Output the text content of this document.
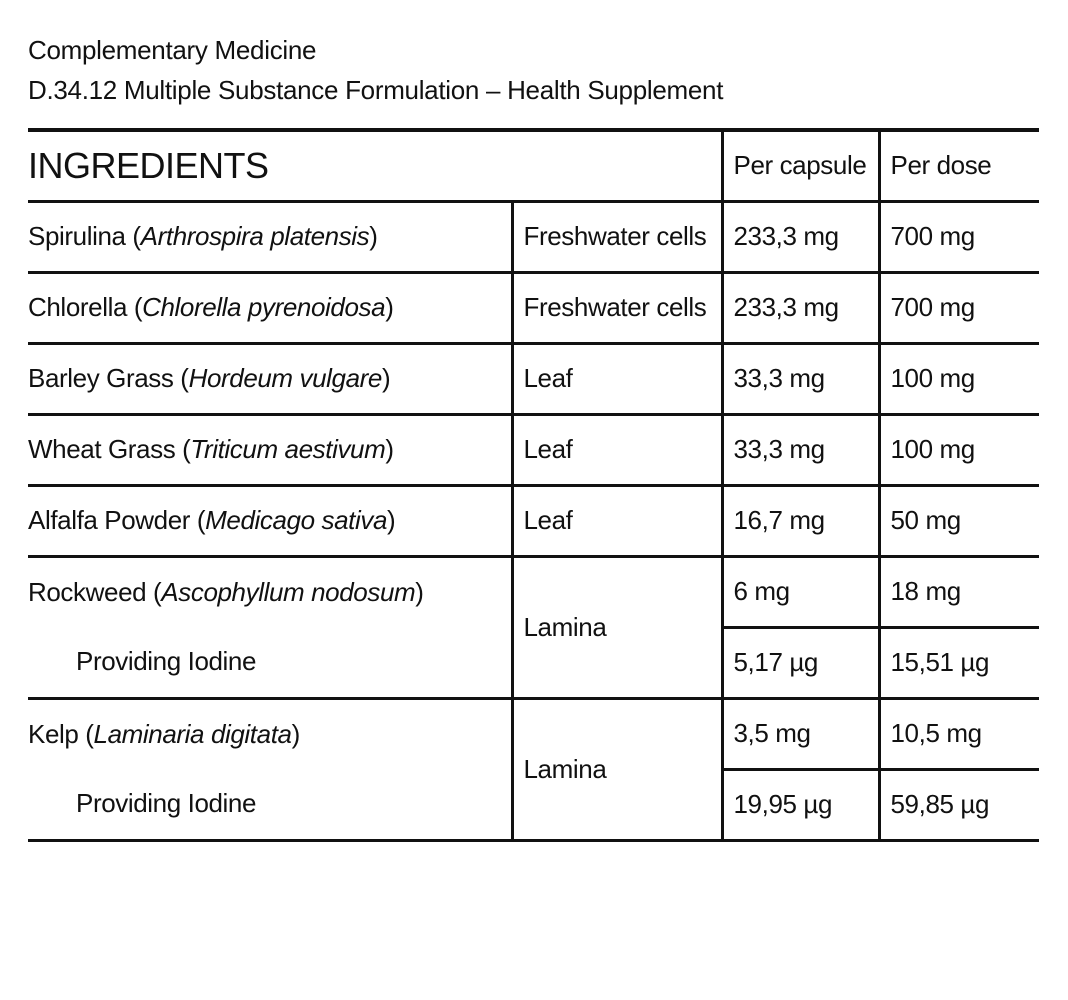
Complementary Medicine
D.34.12 Multiple Substance Formulation – Health Supplement
INGREDIENTS		Per capsule	Per dose
Spirulina (Arthrospira platensis)	Freshwater cells	233,3 mg	700 mg
Chlorella (Chlorella pyrenoidosa)	Freshwater cells	233,3 mg	700 mg
Barley Grass (Hordeum vulgare)	Leaf	33,3 mg	100 mg
Wheat Grass (Triticum aestivum)	Leaf	33,3 mg	100 mg
Alfalfa Powder (Medicago sativa)	Leaf	16,7 mg	50 mg
Rockweed (Ascophyllum nodosum)	Lamina	6 mg	18 mg
Providing Iodine		5,17 µg	15,51 µg
Kelp (Laminaria digitata)	Lamina	3,5 mg	10,5 mg
Providing Iodine		19,95 µg	59,85 µg
